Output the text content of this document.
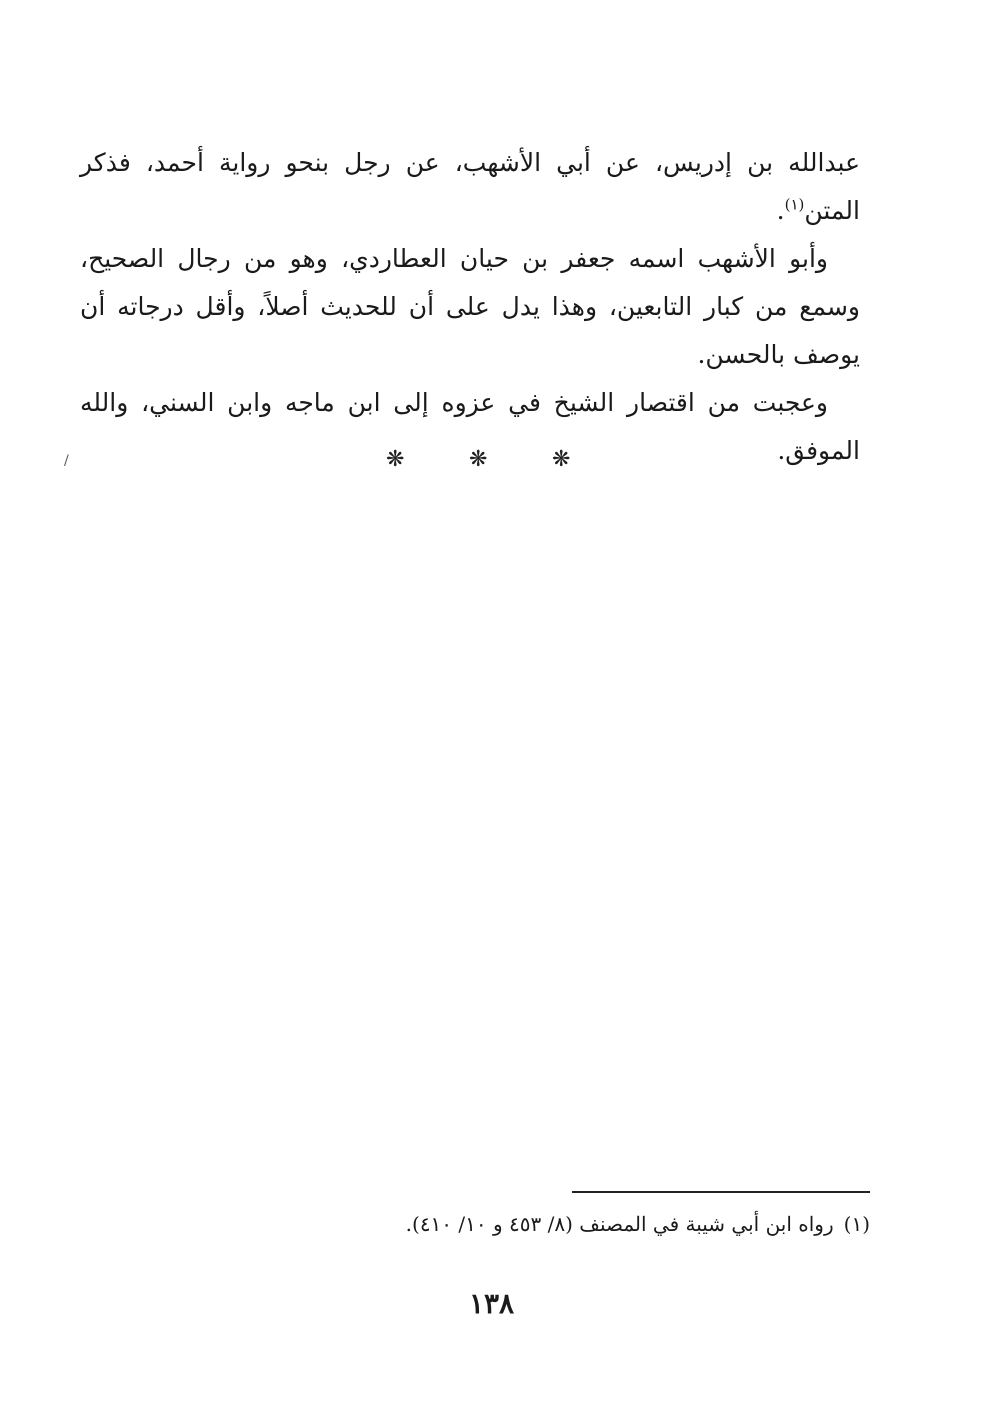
عبدالله بن إدريس، عن أبي الأشهب، عن رجل بنحو رواية أحمد، فذكر المتن$^{(١)}$.

وأبو الأشهب اسمه جعفر بن حيان العطاردي، وهو من رجال الصحيح، وسمع من كبار التابعين، وهذا يدل على أن للحديث أصلاً، وأقل درجاته أن يوصف بالحسن.

وعجبت من اقتصار الشيخ في عزوه إلى ابن ماجه وابن السني، والله الموفق.

❋	❋	❋
/
(١)رواه ابن أبي شيبة في المصنف (٨/ ٤٥٣ و ١٠/ ٤١٠).
١٣٨
